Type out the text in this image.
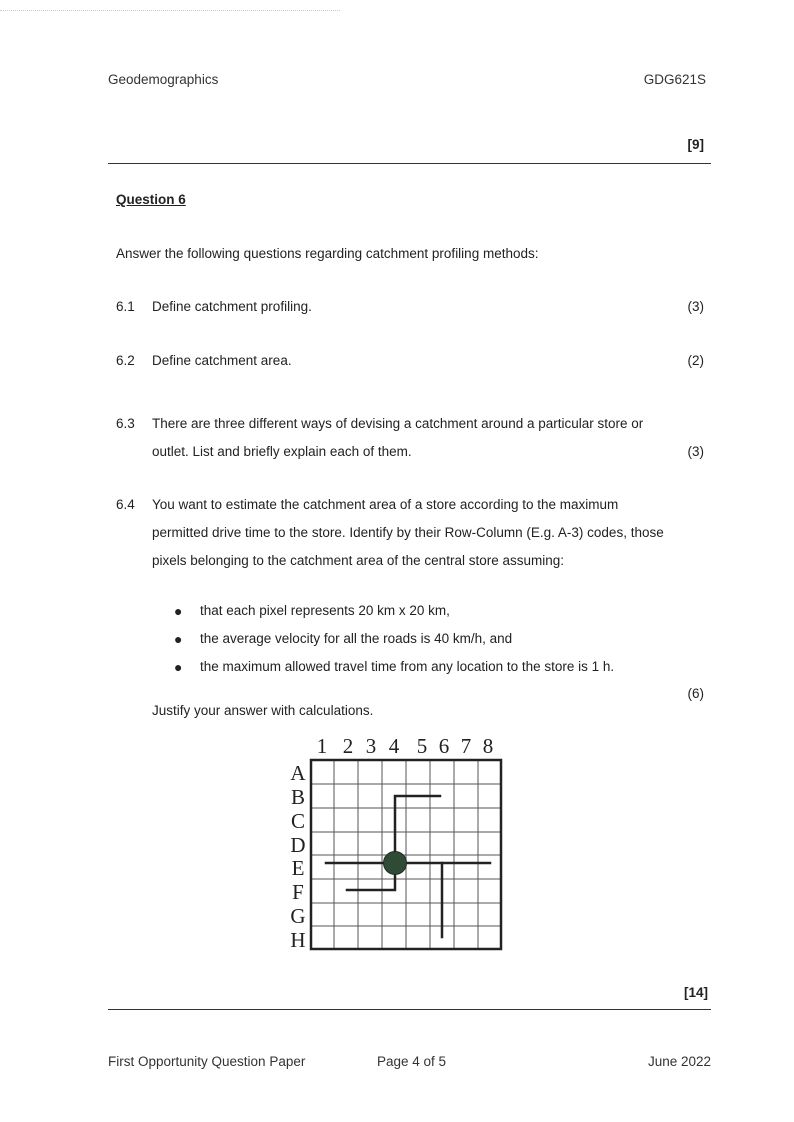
Geodemographics	GDG621S
[9]
Question 6
Answer the following questions regarding catchment profiling methods:
6.1 Define catchment profiling.	(3)
6.2 Define catchment area.	(2)
6.3 There are three different ways of devising a catchment around a particular store or
outlet. List and briefly explain each of them.	(3)
6.4 You want to estimate the catchment area of a store according to the maximum
permitted drive time to the store. Identify by their Row-Column (E.g. A-3) codes, those
pixels belonging to the catchment area of the central store assuming:
● that each pixel represents 20 km x 20 km,
● the average velocity for all the roads is 40 km/h, and
● the maximum allowed travel time from any location to the store is 1 h.
(6)
Justify your answer with calculations.
1 2 3 4 5 6 7 8
A
B
C
D
E
F
G
H
[14]
First Opportunity Question Paper	Page 4 of 5	June 2022
